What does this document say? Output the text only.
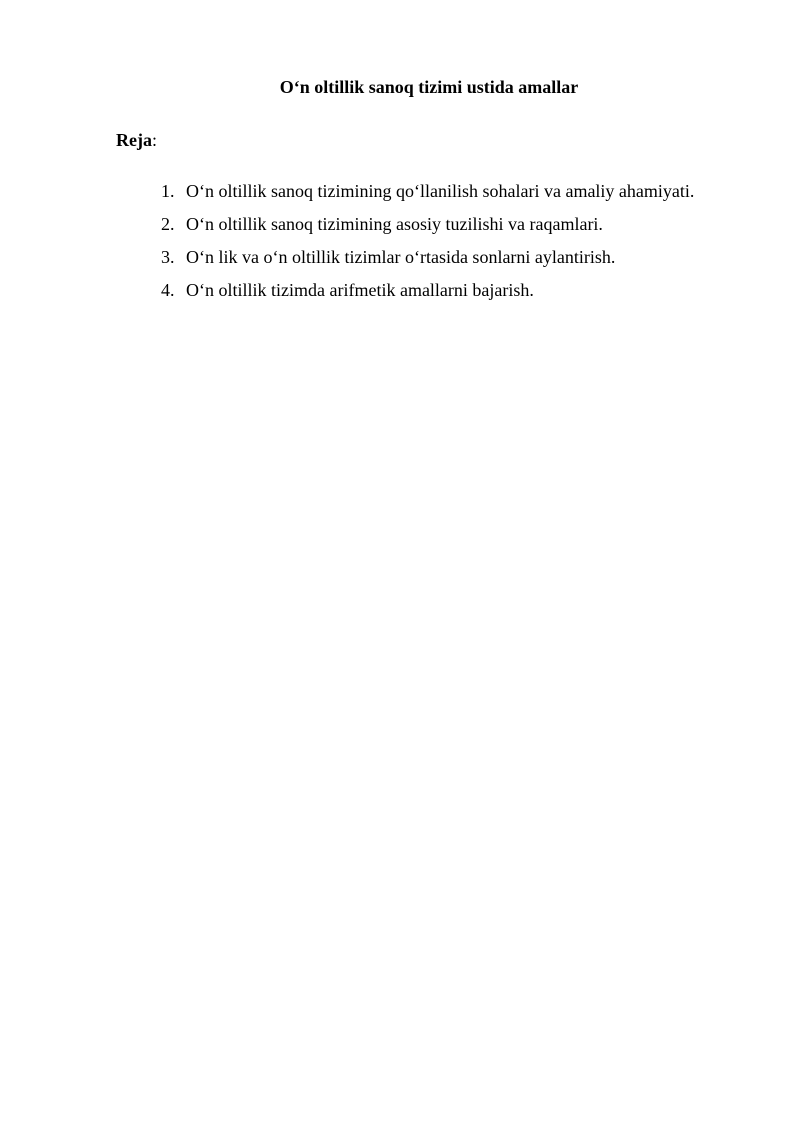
O‘n oltillik sanoq tizimi ustida amallar

Reja:

1. O‘n oltillik sanoq tizimining qo‘llanilish sohalari va amaliy ahamiyati.
2. O‘n oltillik sanoq tizimining asosiy tuzilishi va raqamlari.
3. O‘n lik va o‘n oltillik tizimlar o‘rtasida sonlarni aylantirish.
4. O‘n oltillik tizimda arifmetik amallarni bajarish.
